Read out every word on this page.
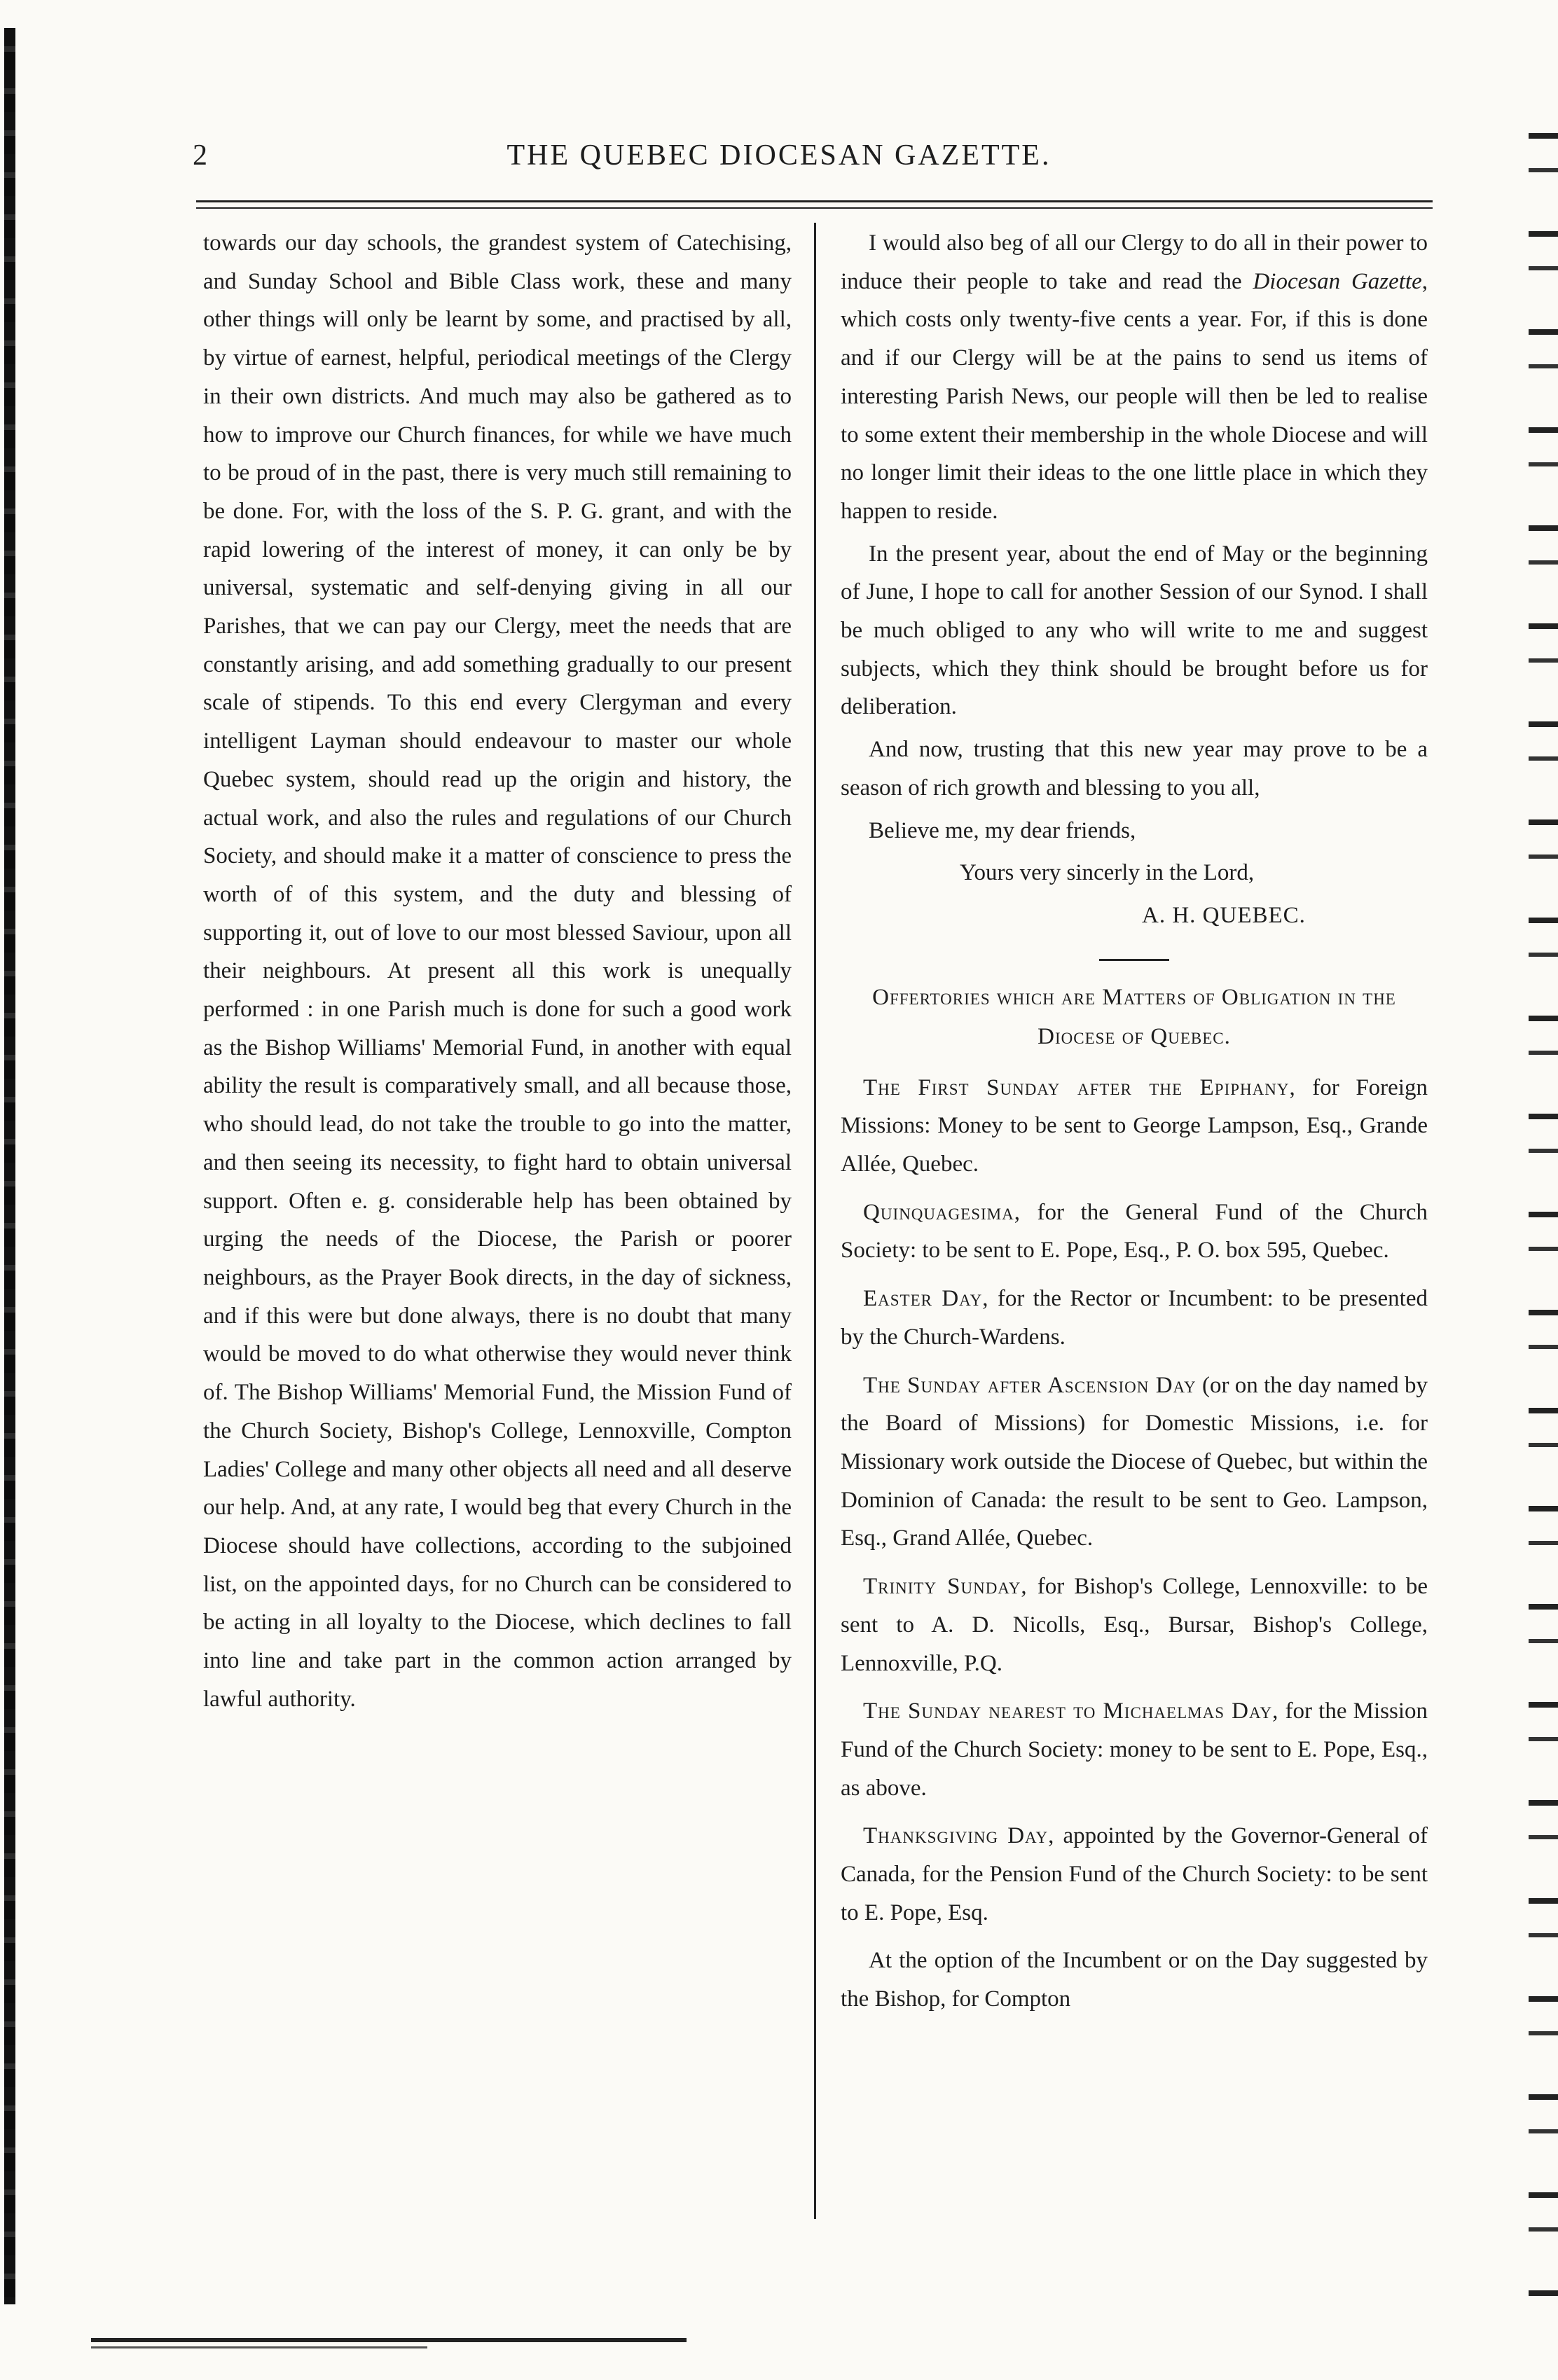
2	THE QUEBEC DIOCESAN GAZETTE.

towards our day schools, the grandest system of Catechising, and Sunday School and Bible Class work, these and many other things will only be learnt by some, and practised by all, by virtue of earnest, helpful, periodical meetings of the Clergy in their own districts. And much may also be gathered as to how to improve our Church finances, for while we have much to be proud of in the past, there is very much still remaining to be done. For, with the loss of the S. P. G. grant, and with the rapid lowering of the interest of money, it can only be by universal, systematic and self-denying giving in all our Parishes, that we can pay our Clergy, meet the needs that are constantly arising, and add something gradually to our present scale of stipends. To this end every Clergyman and every intelligent Layman should endeavour to master our whole Quebec system, should read up the origin and history, the actual work, and also the rules and regulations of our Church Society, and should make it a matter of conscience to press the worth of of this system, and the duty and blessing of supporting it, out of love to our most blessed Saviour, upon all their neighbours. At present all this work is unequally performed : in one Parish much is done for such a good work as the Bishop Williams' Memorial Fund, in another with equal ability the result is comparatively small, and all because those, who should lead, do not take the trouble to go into the matter, and then seeing its necessity, to fight hard to obtain universal support. Often e. g. considerable help has been obtained by urging the needs of the Diocese, the Parish or poorer neighbours, as the Prayer Book directs, in the day of sickness, and if this were but done always, there is no doubt that many would be moved to do what otherwise they would never think of. The Bishop Williams' Memorial Fund, the Mission Fund of the Church Society, Bishop's College, Lennoxville, Compton Ladies' College and many other objects all need and all deserve our help. And, at any rate, I would beg that every Church in the Diocese should have collections, according to the subjoined list, on the appointed days, for no Church can be considered to be acting in all loyalty to the Diocese, which declines to fall into line and take part in the common action arranged by lawful authority.

I would also beg of all our Clergy to do all in their power to induce their people to take and read the Diocesan Gazette, which costs only twenty-five cents a year. For, if this is done and if our Clergy will be at the pains to send us items of interesting Parish News, our people will then be led to realise to some extent their membership in the whole Diocese and will no longer limit their ideas to the one little place in which they happen to reside.

In the present year, about the end of May or the beginning of June, I hope to call for another Session of our Synod. I shall be much obliged to any who will write to me and suggest subjects, which they think should be brought before us for deliberation.

And now, trusting that this new year may prove to be a season of rich growth and blessing to you all,

Believe me, my dear friends,

Yours very sincerly in the Lord,

A. H. QUEBEC.

Offertories which are Matters of Obligation in the Diocese of Quebec.

The First Sunday after the Epiphany, for Foreign Missions: Money to be sent to George Lampson, Esq., Grande Allée, Quebec.

Quinquagesima, for the General Fund of the Church Society: to be sent to E. Pope, Esq., P. O. box 595, Quebec.

Easter Day, for the Rector or Incumbent: to be presented by the Church-Wardens.

The Sunday after Ascension Day (or on the day named by the Board of Missions) for Domestic Missions, i.e. for Missionary work outside the Diocese of Quebec, but within the Dominion of Canada: the result to be sent to Geo. Lampson, Esq., Grand Allée, Quebec.

Trinity Sunday, for Bishop's College, Lennoxville: to be sent to A. D. Nicolls, Esq., Bursar, Bishop's College, Lennoxville, P.Q.

The Sunday nearest to Michaelmas Day, for the Mission Fund of the Church Society: money to be sent to E. Pope, Esq., as above.

Thanksgiving Day, appointed by the Governor-General of Canada, for the Pension Fund of the Church Society: to be sent to E. Pope, Esq.

At the option of the Incumbent or on the Day suggested by the Bishop, for Compton
